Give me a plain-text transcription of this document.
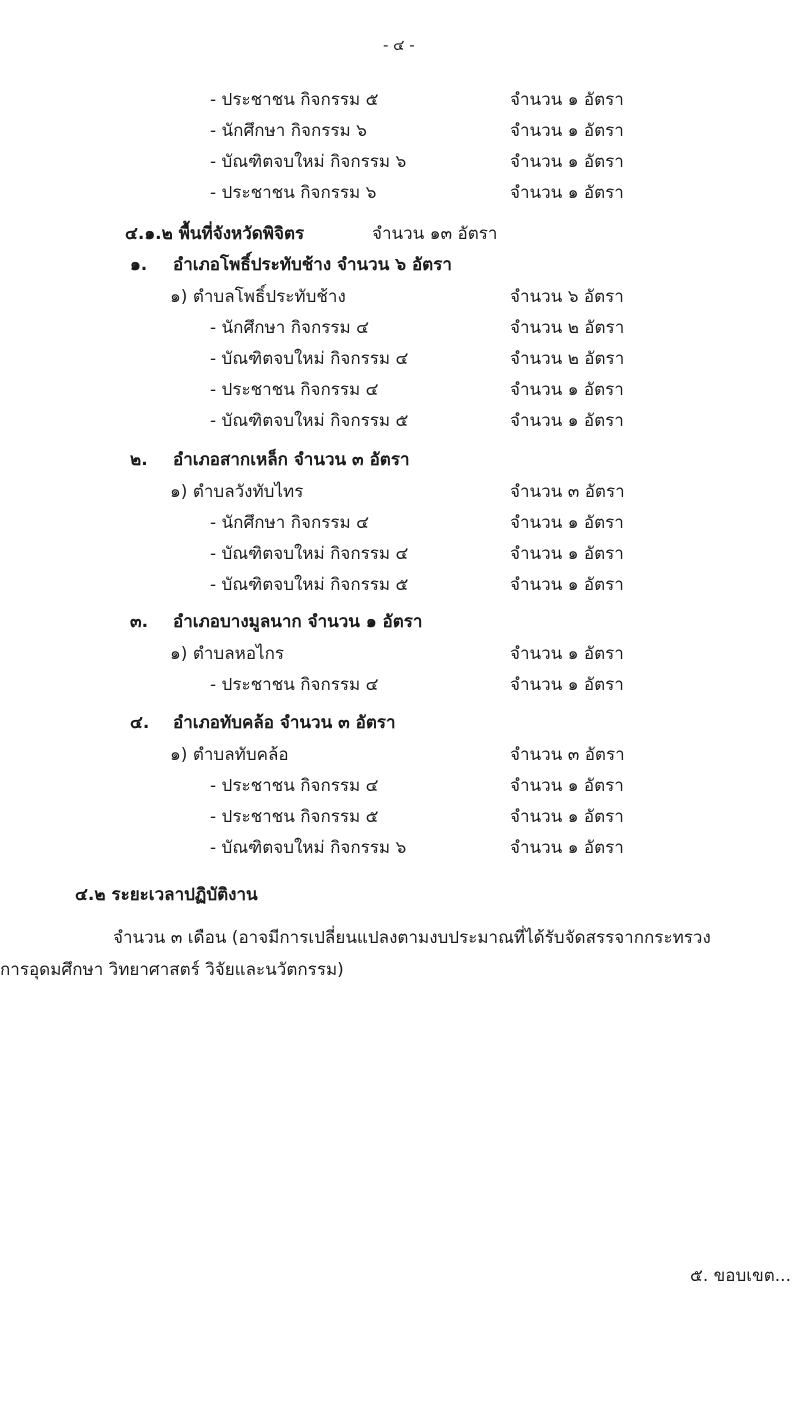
- ๔ -
- ประชาชน กิจกรรม ๕	จำนวน ๑ อัตรา
- นักศึกษา กิจกรรม ๖	จำนวน ๑ อัตรา
- บัณฑิตจบใหม่ กิจกรรม ๖	จำนวน ๑ อัตรา
- ประชาชน กิจกรรม ๖	จำนวน ๑ อัตรา
๔.๑.๒ พื้นที่จังหวัดพิจิตร	จำนวน ๑๓ อัตรา
๑. อำเภอโพธิ์ประทับช้าง จำนวน ๖ อัตรา
๑) ตำบลโพธิ์ประทับช้าง	จำนวน ๖ อัตรา
- นักศึกษา กิจกรรม ๔	จำนวน ๒ อัตรา
- บัณฑิตจบใหม่ กิจกรรม ๔	จำนวน ๒ อัตรา
- ประชาชน กิจกรรม ๔	จำนวน ๑ อัตรา
- บัณฑิตจบใหม่ กิจกรรม ๕	จำนวน ๑ อัตรา
๒. อำเภอสากเหล็ก จำนวน ๓ อัตรา
๑) ตำบลวังทับไทร	จำนวน ๓ อัตรา
- นักศึกษา กิจกรรม ๔	จำนวน ๑ อัตรา
- บัณฑิตจบใหม่ กิจกรรม ๔	จำนวน ๑ อัตรา
- บัณฑิตจบใหม่ กิจกรรม ๕	จำนวน ๑ อัตรา
๓. อำเภอบางมูลนาก จำนวน ๑ อัตรา
๑) ตำบลหอไกร	จำนวน ๑ อัตรา
- ประชาชน กิจกรรม ๔	จำนวน ๑ อัตรา
๔. อำเภอทับคล้อ จำนวน ๓ อัตรา
๑) ตำบลทับคล้อ	จำนวน ๓ อัตรา
- ประชาชน กิจกรรม ๔	จำนวน ๑ อัตรา
- ประชาชน กิจกรรม ๕	จำนวน ๑ อัตรา
- บัณฑิตจบใหม่ กิจกรรม ๖	จำนวน ๑ อัตรา
๔.๒ ระยะเวลาปฏิบัติงาน
จำนวน ๓ เดือน (อาจมีการเปลี่ยนแปลงตามงบประมาณที่ได้รับจัดสรรจากกระทรวง
การอุดมศึกษา วิทยาศาสตร์ วิจัยและนวัตกรรม)
๕. ขอบเขต...
